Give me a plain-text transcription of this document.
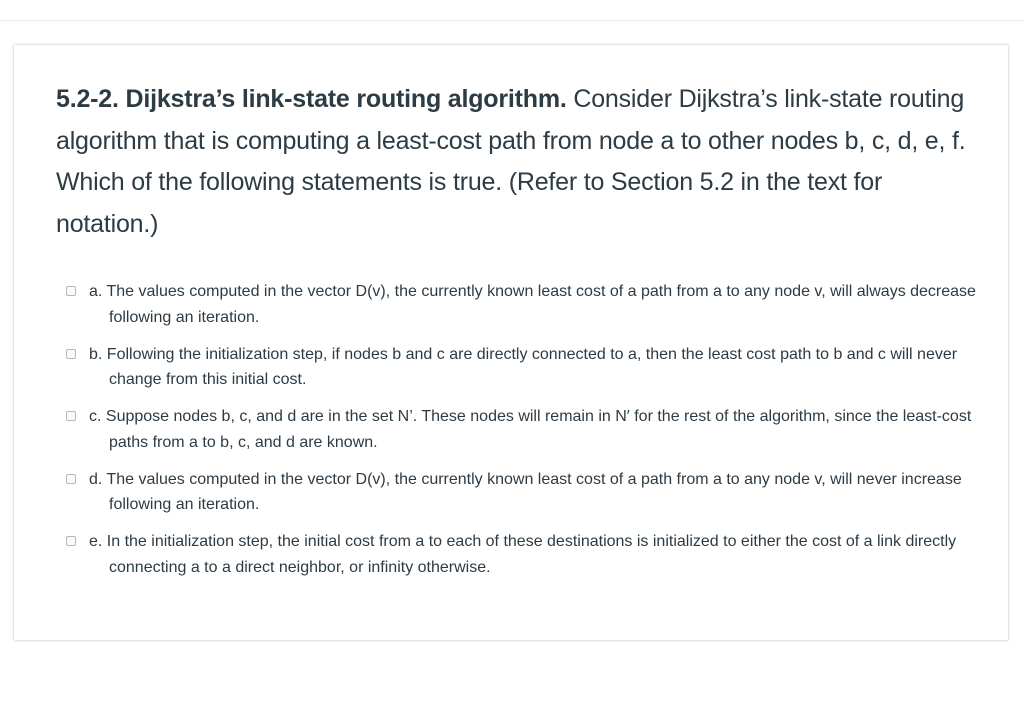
5.2-2. Dijkstra’s link-state routing algorithm. Consider Dijkstra’s link-state routing algorithm that is computing a least-cost path from node a to other nodes b, c, d, e, f. Which of the following statements is true. (Refer to Section 5.2 in the text for notation.)
a. The values computed in the vector D(v), the currently known least cost of a path from a to any node v, will always decrease following an iteration.
b. Following the initialization step, if nodes b and c are directly connected to a, then the least cost path to b and c will never change from this initial cost.
c. Suppose nodes b, c, and d are in the set N’. These nodes will remain in N′ for the rest of the algorithm, since the least-cost paths from a to b, c, and d are known.
d. The values computed in the vector D(v), the currently known least cost of a path from a to any node v, will never increase following an iteration.
e. In the initialization step, the initial cost from a to each of these destinations is initialized to either the cost of a link directly connecting a to a direct neighbor, or infinity otherwise.
